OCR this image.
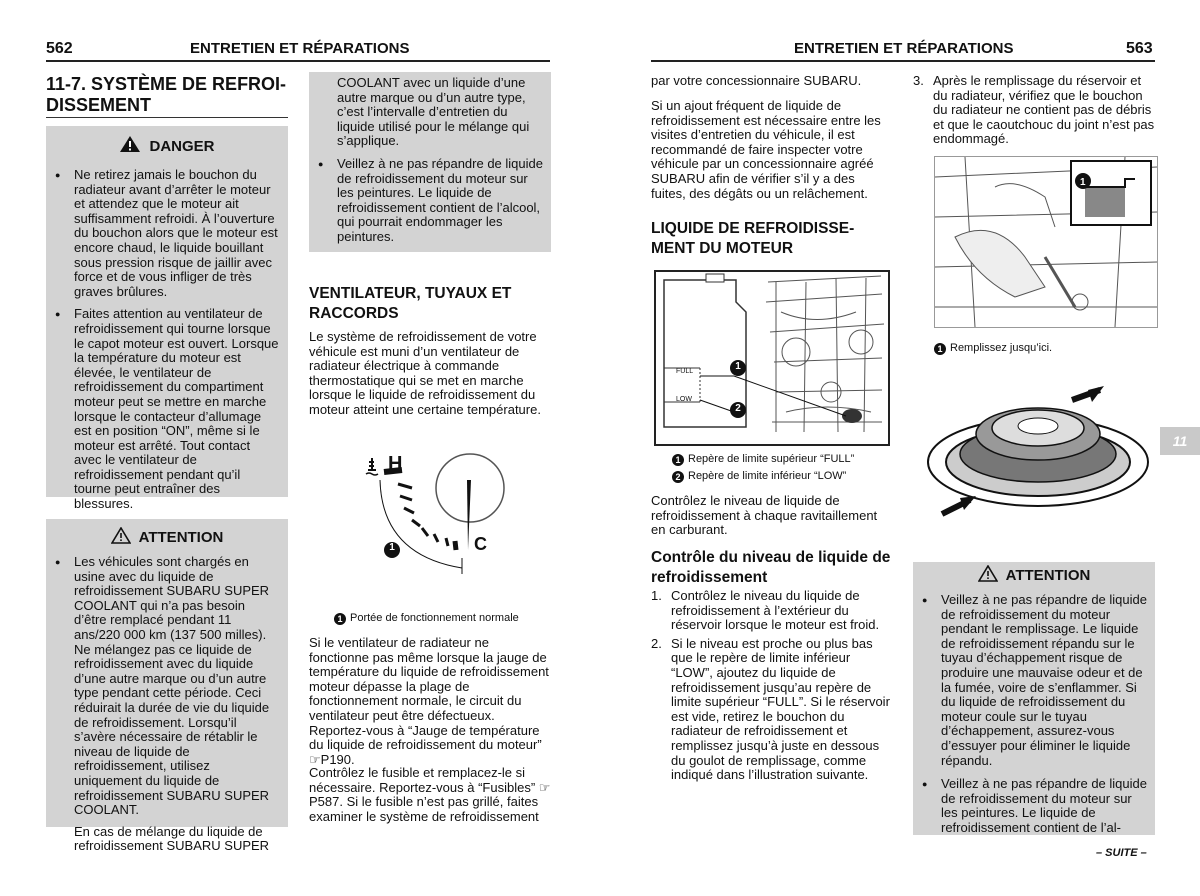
562	ENTRETIEN ET RÉPARATIONS
11-7. SYSTÈME DE REFROI-
DISSEMENT
DANGER
● Ne retirez jamais le bouchon du radiateur avant d’arrêter le moteur et attendez que le moteur ait suffisamment refroidi. À l’ouverture du bouchon alors que le moteur est encore chaud, le liquide bouillant sous pression risque de jaillir avec force et de vous infliger de très graves brûlures.
● Faites attention au ventilateur de refroidissement qui tourne lorsque le capot moteur est ouvert. Lorsque la température du moteur est élevée, le ventilateur de refroidissement du compartiment moteur peut se mettre en marche lorsque le contacteur d’allumage est en position “ON”, même si le moteur est arrêté. Tout contact avec le ventilateur de refroidissement pendant qu’il tourne peut entraîner des blessures.
ATTENTION
● Les véhicules sont chargés en usine avec du liquide de refroidissement SUBARU SUPER COOLANT qui n’a pas besoin d’être remplacé pendant 11 ans/220 000 km (137 500 milles). Ne mélangez pas ce liquide de refroidissement avec du liquide d’une autre marque ou d’un autre type pendant cette période. Ceci réduirait la durée de vie du liquide de refroidissement. Lorsqu’il s’avère nécessaire de rétablir le niveau de liquide de refroidissement, utilisez uniquement du liquide de refroidissement SUBARU SUPER COOLANT.

En cas de mélange du liquide de refroidissement SUBARU SUPER

COOLANT avec un liquide d’une autre marque ou d’un autre type, c’est l’intervalle d’entretien du liquide utilisé pour le mélange qui s’applique.

● Veillez à ne pas répandre de liquide de refroidissement du moteur sur les peintures. Le liquide de refroidissement contient de l’alcool, qui pourrait endommager les peintures.
VENTILATEUR, TUYAUX ET RACCORDS

Le système de refroidissement de votre véhicule est muni d’un ventilateur de radiateur électrique à commande thermostatique qui se met en marche lorsque le liquide de refroidissement du moteur atteint une certaine température.

H
C
1
1 Portée de fonctionnement normale

Si le ventilateur de radiateur ne fonctionne pas même lorsque la jauge de température du liquide de refroidissement moteur dépasse la plage de fonctionnement normale, le circuit du ventilateur peut être défectueux. Reportez-vous à “Jauge de température du liquide de refroidissement du moteur” ☞P190.

Contrôlez le fusible et remplacez-le si nécessaire. Reportez-vous à “Fusibles” ☞P587. Si le fusible n’est pas grillé, faites examiner le système de refroidissement

ENTRETIEN ET RÉPARATIONS	563

par votre concessionnaire SUBARU.

Si un ajout fréquent de liquide de refroidissement est nécessaire entre les visites d’entretien du véhicule, il est recommandé de faire inspecter votre véhicule par un concessionnaire agréé SUBARU afin de vérifier s’il y a des fuites, des dégâts ou un relâchement.

LIQUIDE DE REFROIDISSE-
MENT DU MOTEUR
FULL
LOW
1
2
1 Repère de limite supérieur “FULL”
2 Repère de limite inférieur “LOW”

Contrôlez le niveau de liquide de refroidissement à chaque ravitaillement en carburant.

Contrôle du niveau de liquide de refroidissement
1. Contrôlez le niveau du liquide de refroidissement à l’extérieur du réservoir lorsque le moteur est froid.
2. Si le niveau est proche ou plus bas que le repère de limite inférieur “LOW”, ajoutez du liquide de refroidissement jusqu’au repère de limite supérieur “FULL”. Si le réservoir est vide, retirez le bouchon du radiateur de refroidissement et remplissez jusqu’à juste en dessous du goulot de remplissage, comme indiqué dans l’illustration suivante.
3. Après le remplissage du réservoir et du radiateur, vérifiez que le bouchon du radiateur ne contient pas de débris et que le caoutchouc du joint n’est pas endommagé.
1
1 Remplissez jusqu’ici.
ATTENTION
● Veillez à ne pas répandre de liquide de refroidissement du moteur pendant le remplissage. Le liquide de refroidissement répandu sur le tuyau d’échappement risque de produire une mauvaise odeur et de la fumée, voire de s’enflammer. Si du liquide de refroidissement du moteur coule sur le tuyau d’échappement, assurez-vous d’essuyer pour éliminer le liquide répandu.
● Veillez à ne pas répandre de liquide de refroidissement du moteur sur les peintures. Le liquide de refroidissement contient de l’al-
11
– SUITE –
